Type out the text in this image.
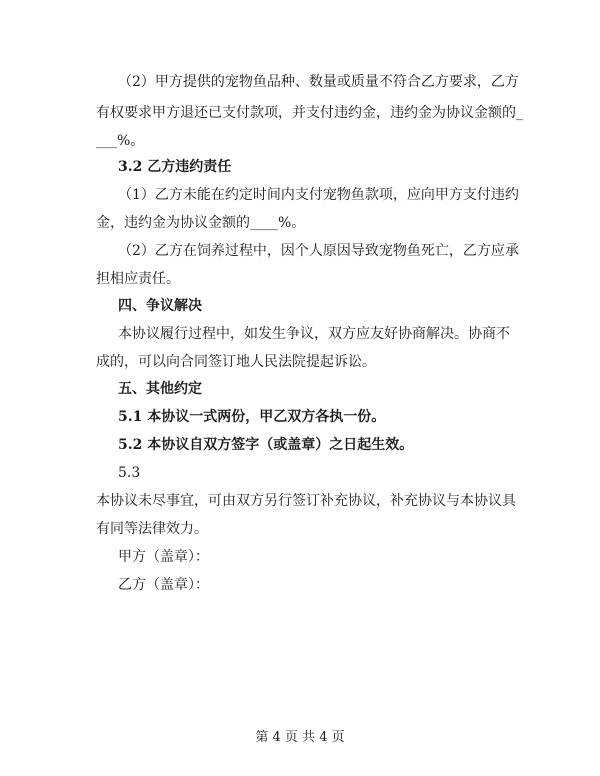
（2）甲方提供的宠物鱼品种、数量或质量不符合乙方要求，乙方
有权要求甲方退还已支付款项，并支付违约金，违约金为协议金额的_
___%。
3.2 乙方违约责任
（1）乙方未能在约定时间内支付宠物鱼款项，应向甲方支付违约
金，违约金为协议金额的____%。
（2）乙方在饲养过程中，因个人原因导致宠物鱼死亡，乙方应承
担相应责任。
四、争议解决
本协议履行过程中，如发生争议，双方应友好协商解决。协商不
成的，可以向合同签订地人民法院提起诉讼。
五、其他约定
5.1 本协议一式两份，甲乙双方各执一份。
5.2 本协议自双方签字（或盖章）之日起生效。
5.3
本协议未尽事宜，可由双方另行签订补充协议，补充协议与本协议具
有同等法律效力。
甲方（盖章）：
乙方（盖章）：
第 4 页 共 4 页
